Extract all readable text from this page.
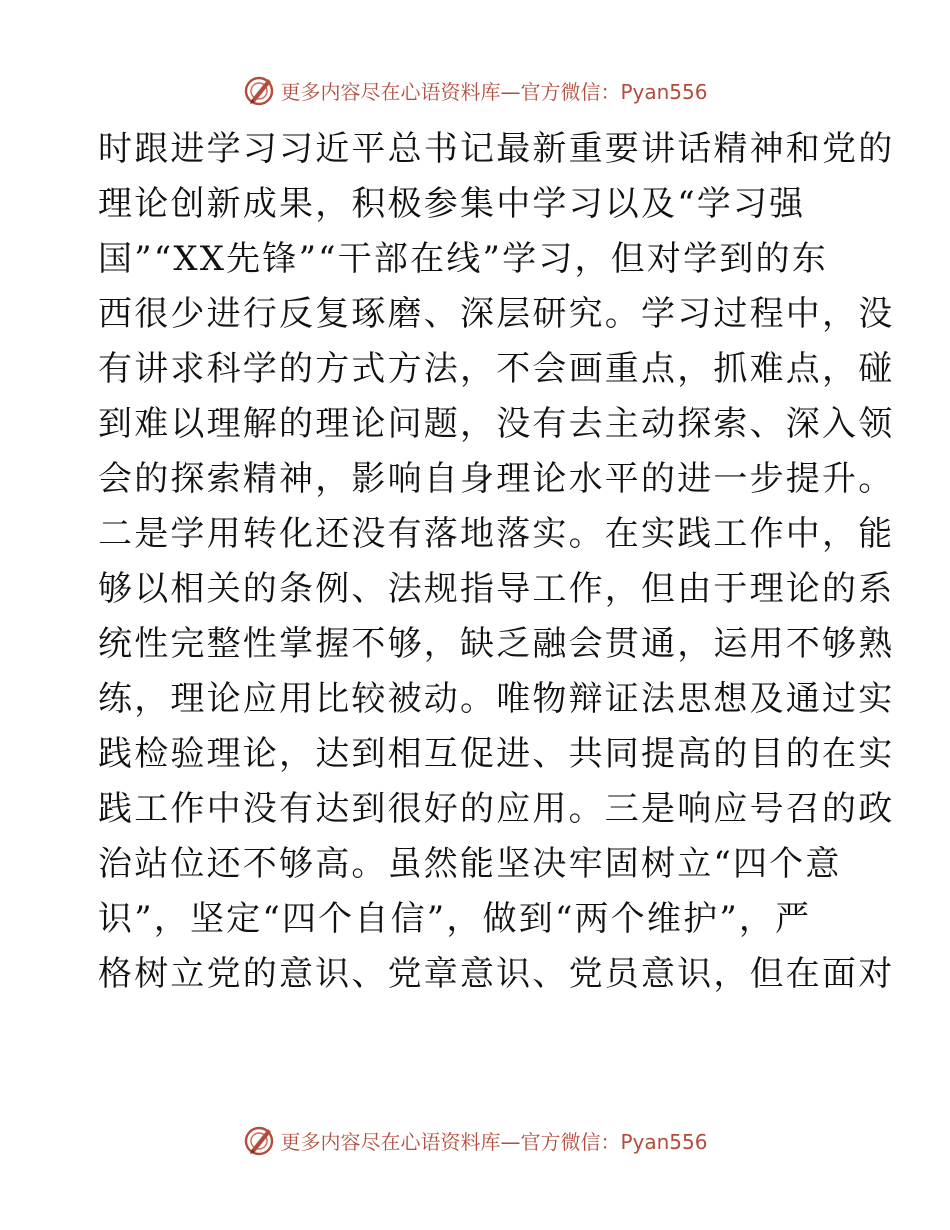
更多内容尽在心语资料库—官方微信：Pyan556
时跟进学习习近平总书记最新重要讲话精神和党的
理论创新成果，积极参集中学习以及“学习强
国”“XX先锋”“干部在线”学习，但对学到的东
西很少进行反复琢磨、深层研究。学习过程中，没
有讲求科学的方式方法，不会画重点，抓难点，碰
到难以理解的理论问题，没有去主动探索、深入领
会的探索精神，影响自身理论水平的进一步提升。
二是学用转化还没有落地落实。在实践工作中，能
够以相关的条例、法规指导工作，但由于理论的系
统性完整性掌握不够，缺乏融会贯通，运用不够熟
练，理论应用比较被动。唯物辩证法思想及通过实
践检验理论，达到相互促进、共同提高的目的在实
践工作中没有达到很好的应用。三是响应号召的政
治站位还不够高。虽然能坚决牢固树立“四个意
识”，坚定“四个自信”，做到“两个维护”，严
格树立党的意识、党章意识、党员意识，但在面对
更多内容尽在心语资料库—官方微信：Pyan556
